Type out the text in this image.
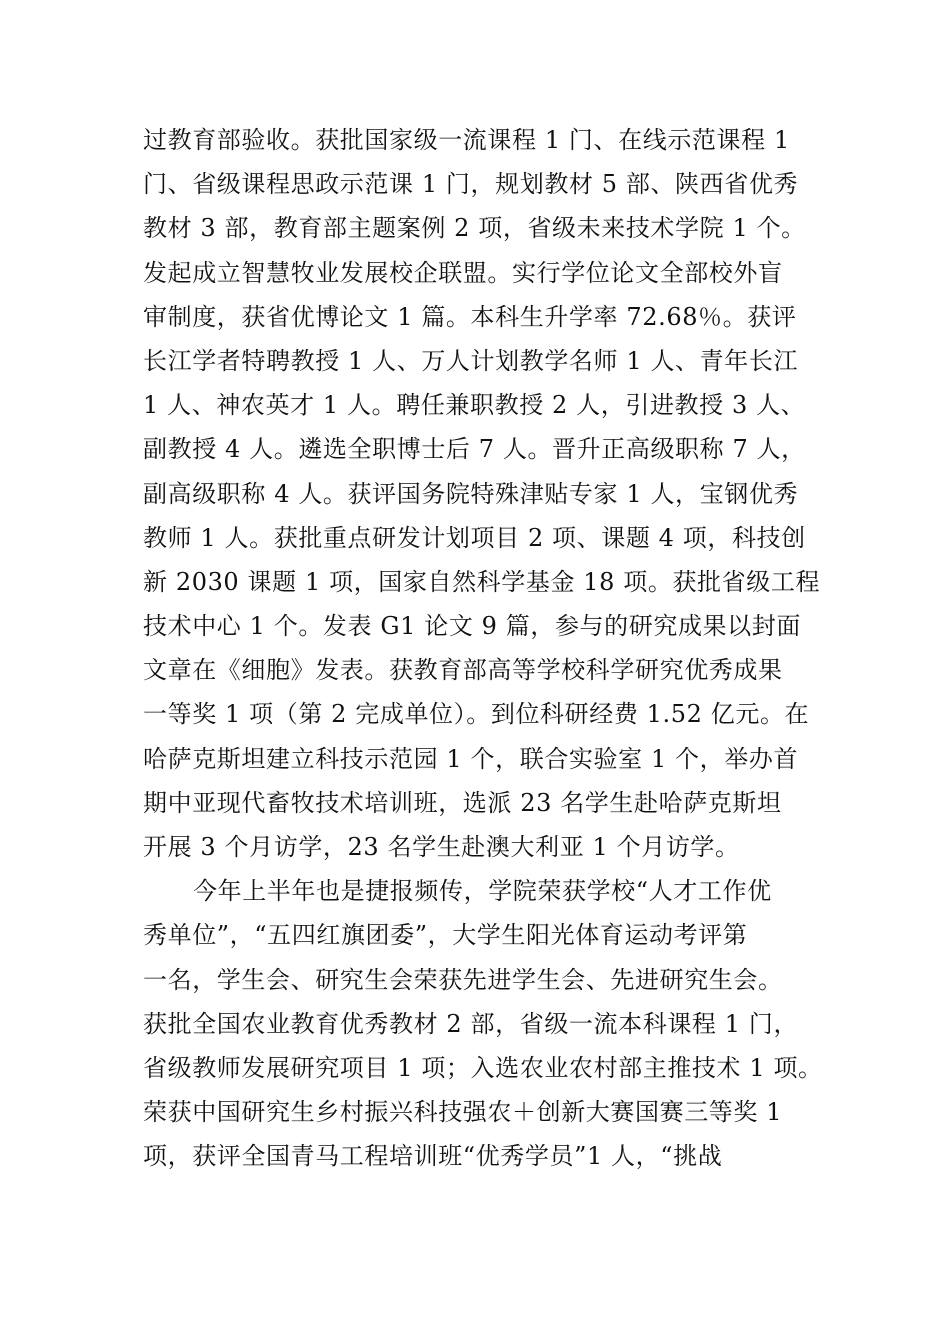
过教育部验收。获批国家级一流课程 1 门、在线示范课程 1
门、省级课程思政示范课 1 门，规划教材 5 部、陕西省优秀
教材 3 部，教育部主题案例 2 项，省级未来技术学院 1 个。
发起成立智慧牧业发展校企联盟。实行学位论文全部校外盲
审制度，获省优博论文 1 篇。本科生升学率 72.68％。获评
长江学者特聘教授 1 人、万人计划教学名师 1 人、青年长江
1 人、神农英才 1 人。聘任兼职教授 2 人，引进教授 3 人、
副教授 4 人。遴选全职博士后 7 人。晋升正高级职称 7 人，
副高级职称 4 人。获评国务院特殊津贴专家 1 人，宝钢优秀
教师 1 人。获批重点研发计划项目 2 项、课题 4 项，科技创
新 2030 课题 1 项，国家自然科学基金 18 项。获批省级工程
技术中心 1 个。发表 G1 论文 9 篇，参与的研究成果以封面
文章在《细胞》发表。获教育部高等学校科学研究优秀成果
一等奖 1 项（第 2 完成单位）。到位科研经费 1.52 亿元。在
哈萨克斯坦建立科技示范园 1 个，联合实验室 1 个，举办首
期中亚现代畜牧技术培训班，选派 23 名学生赴哈萨克斯坦
开展 3 个月访学，23 名学生赴澳大利亚 1 个月访学。
今年上半年也是捷报频传，学院荣获学校“人才工作优
秀单位”，“五四红旗团委”，大学生阳光体育运动考评第
一名，学生会、研究生会荣获先进学生会、先进研究生会。
获批全国农业教育优秀教材 2 部，省级一流本科课程 1 门，
省级教师发展研究项目 1 项；入选农业农村部主推技术 1 项。
荣获中国研究生乡村振兴科技强农＋创新大赛国赛三等奖 1
项，获评全国青马工程培训班“优秀学员”1 人，“挑战
